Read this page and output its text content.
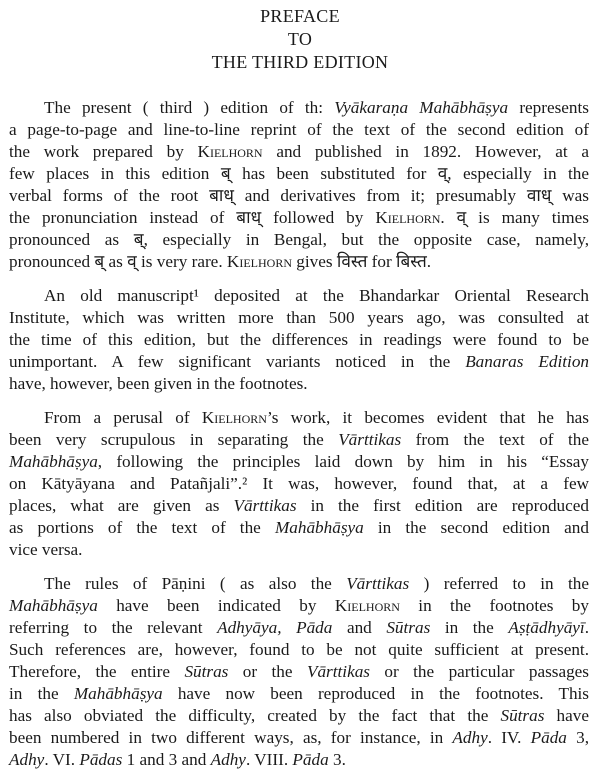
PREFACE
TO
THE THIRD EDITION
The present ( third ) edition of th: Vyākaraṇa Mahābhāṣya represents
a page-to-page and line-to-line reprint of the text of the second edition of
the work prepared by Kielhorn and published in 1892. However, at a
few places in this edition ब् has been substituted for व्, especially in the
verbal forms of the root बाध् and derivatives from it; presumably वाध् was
the pronunciation instead of बाध् followed by Kielhorn. व् is many times
pronounced as ब्, especially in Bengal, but the opposite case, namely,
pronounced ब् as व् is very rare. Kielhorn gives विस्त for बिस्त.
An old manuscript¹ deposited at the Bhandarkar Oriental Research
Institute, which was written more than 500 years ago, was consulted at
the time of this edition, but the differences in readings were found to be
unimportant. A few significant variants noticed in the Banaras Edition
have, however, been given in the footnotes.
From a perusal of Kielhorn’s work, it becomes evident that he has
been very scrupulous in separating the Vārttikas from the text of the
Mahābhāṣya, following the principles laid down by him in his “Essay
on Kātyāyana and Patañjali”.² It was, however, found that, at a few
places, what are given as Vārttikas in the first edition are reproduced
as portions of the text of the Mahābhāṣya in the second edition and
vice versa.
The rules of Pāṇini ( as also the Vārttikas ) referred to in the
Mahābhāṣya have been indicated by Kielhorn in the footnotes by
referring to the relevant Adhyāya, Pāda and Sūtras in the Aṣṭādhyāyī.
Such references are, however, found to be not quite sufficient at present.
Therefore, the entire Sūtras or the Vārttikas or the particular passages
in the Mahābhāṣya have now been reproduced in the footnotes. This
has also obviated the difficulty, created by the fact that the Sūtras have
been numbered in two different ways, as, for instance, in Adhy. IV. Pāda 3,
Adhy. VI. Pādas 1 and 3 and Adhy. VIII. Pāda 3.
